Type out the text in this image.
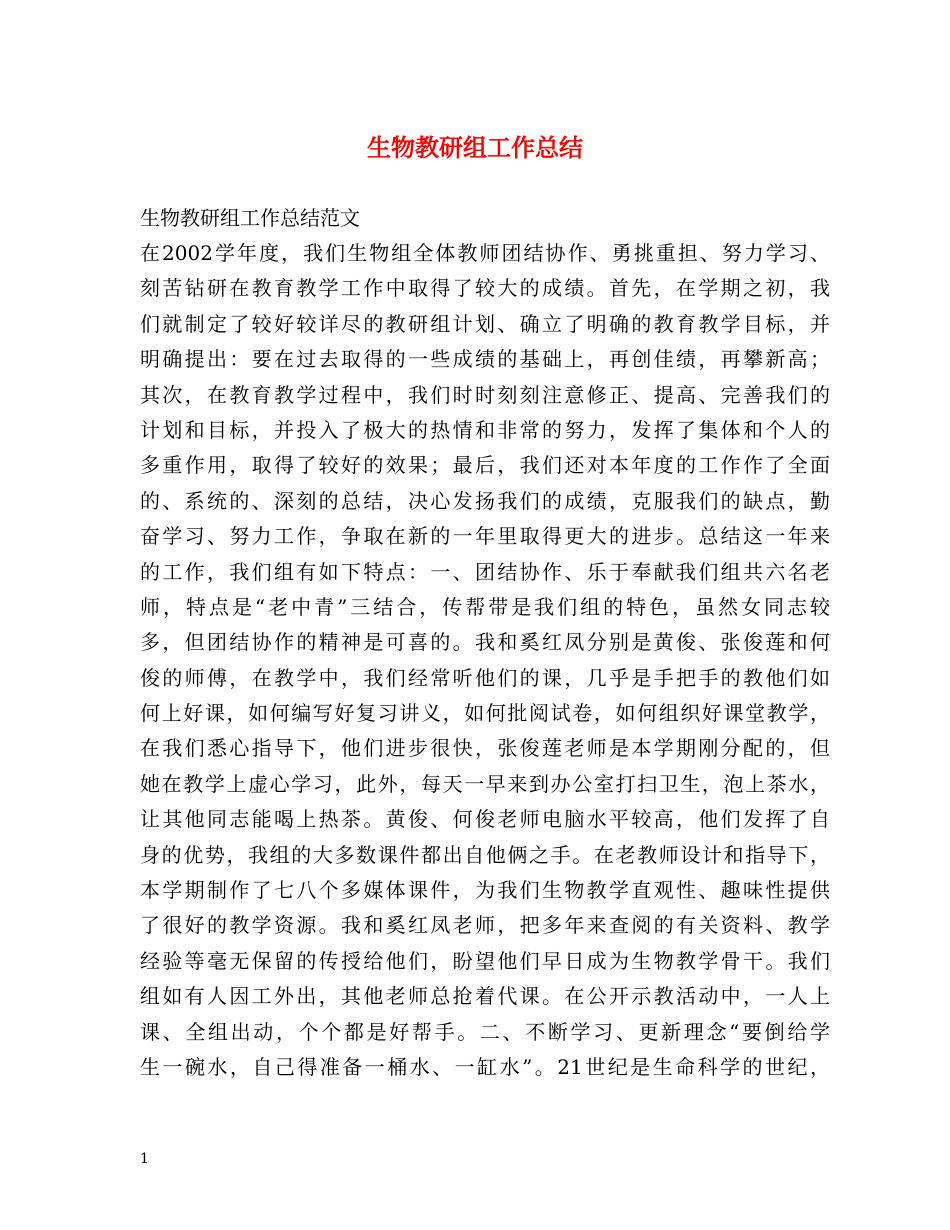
生物教研组工作总结

生物教研组工作总结范文

在2002学年度，我们生物组全体教师团结协作、勇挑重担、努力学习、
刻苦钻研在教育教学工作中取得了较大的成绩。首先，在学期之初，我
们就制定了较好较详尽的教研组计划、确立了明确的教育教学目标，并
明确提出：要在过去取得的一些成绩的基础上，再创佳绩，再攀新高；
其次，在教育教学过程中，我们时时刻刻注意修正、提高、完善我们的
计划和目标，并投入了极大的热情和非常的努力，发挥了集体和个人的
多重作用，取得了较好的效果；最后，我们还对本年度的工作作了全面
的、系统的、深刻的总结，决心发扬我们的成绩，克服我们的缺点，勤
奋学习、努力工作，争取在新的一年里取得更大的进步。总结这一年来
的工作，我们组有如下特点：一、团结协作、乐于奉献我们组共六名老
师，特点是“老中青”三结合，传帮带是我们组的特色，虽然女同志较
多，但团结协作的精神是可喜的。我和奚红凤分别是黄俊、张俊莲和何
俊的师傅，在教学中，我们经常听他们的课，几乎是手把手的教他们如
何上好课，如何编写好复习讲义，如何批阅试卷，如何组织好课堂教学，
在我们悉心指导下，他们进步很快，张俊莲老师是本学期刚分配的，但
她在教学上虚心学习，此外，每天一早来到办公室打扫卫生，泡上茶水，
让其他同志能喝上热茶。黄俊、何俊老师电脑水平较高，他们发挥了自
身的优势，我组的大多数课件都出自他俩之手。在老教师设计和指导下，
本学期制作了七八个多媒体课件，为我们生物教学直观性、趣味性提供
了很好的教学资源。我和奚红凤老师，把多年来查阅的有关资料、教学
经验等毫无保留的传授给他们，盼望他们早日成为生物教学骨干。我们
组如有人因工外出，其他老师总抢着代课。在公开示教活动中，一人上
课、全组出动，个个都是好帮手。二、不断学习、更新理念“要倒给学
生一碗水，自己得准备一桶水、一缸水”。21世纪是生命科学的世纪，
1
